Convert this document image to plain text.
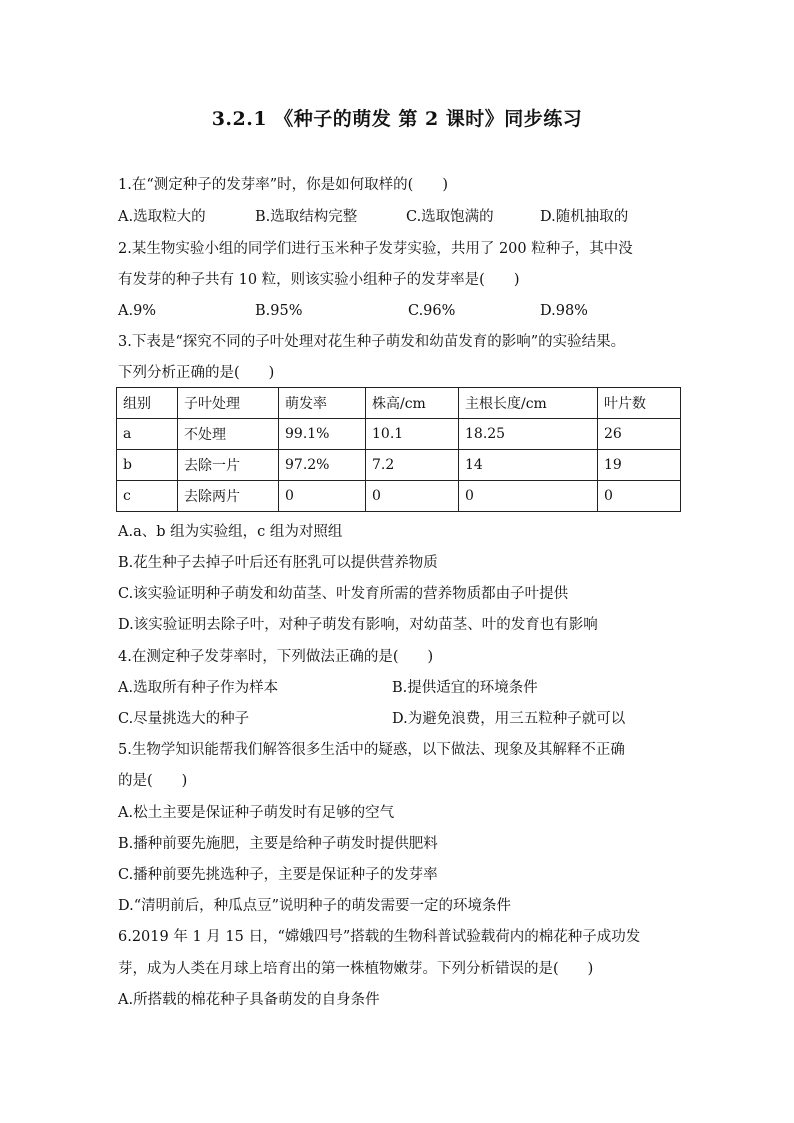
3.2.1 《种子的萌发 第 2 课时》同步练习
1.在“测定种子的发芽率”时，你是如何取样的(　　)
A.选取粒大的	B.选取结构完整	C.选取饱满的	D.随机抽取的
2.某生物实验小组的同学们进行玉米种子发芽实验，共用了 200 粒种子，其中没
有发芽的种子共有 10 粒，则该实验小组种子的发芽率是(　　)
A.9%	B.95%	C.96%	D.98%
3.下表是“探究不同的子叶处理对花生种子萌发和幼苗发育的影响”的实验结果。
下列分析正确的是(　　)
组别	子叶处理	萌发率	株高/cm	主根长度/cm	叶片数
a	不处理	99.1%	10.1	18.25	26
b	去除一片	97.2%	7.2	14	19
c	去除两片	0	0	0	0
A.a、b 组为实验组，c 组为对照组
B.花生种子去掉子叶后还有胚乳可以提供营养物质
C.该实验证明种子萌发和幼苗茎、叶发育所需的营养物质都由子叶提供
D.该实验证明去除子叶，对种子萌发有影响，对幼苗茎、叶的发育也有影响
4.在测定种子发芽率时，下列做法正确的是(　　)
A.选取所有种子作为样本	B.提供适宜的环境条件
C.尽量挑选大的种子	D.为避免浪费，用三五粒种子就可以
5.生物学知识能帮我们解答很多生活中的疑惑，以下做法、现象及其解释不正确
的是(　　)
A.松土主要是保证种子萌发时有足够的空气
B.播种前要先施肥，主要是给种子萌发时提供肥料
C.播种前要先挑选种子，主要是保证种子的发芽率
D.“清明前后，种瓜点豆”说明种子的萌发需要一定的环境条件
6.2019 年 1 月 15 日，“嫦娥四号”搭载的生物科普试验载荷内的棉花种子成功发
芽，成为人类在月球上培育出的第一株植物嫩芽。下列分析错误的是(　　)
A.所搭载的棉花种子具备萌发的自身条件
